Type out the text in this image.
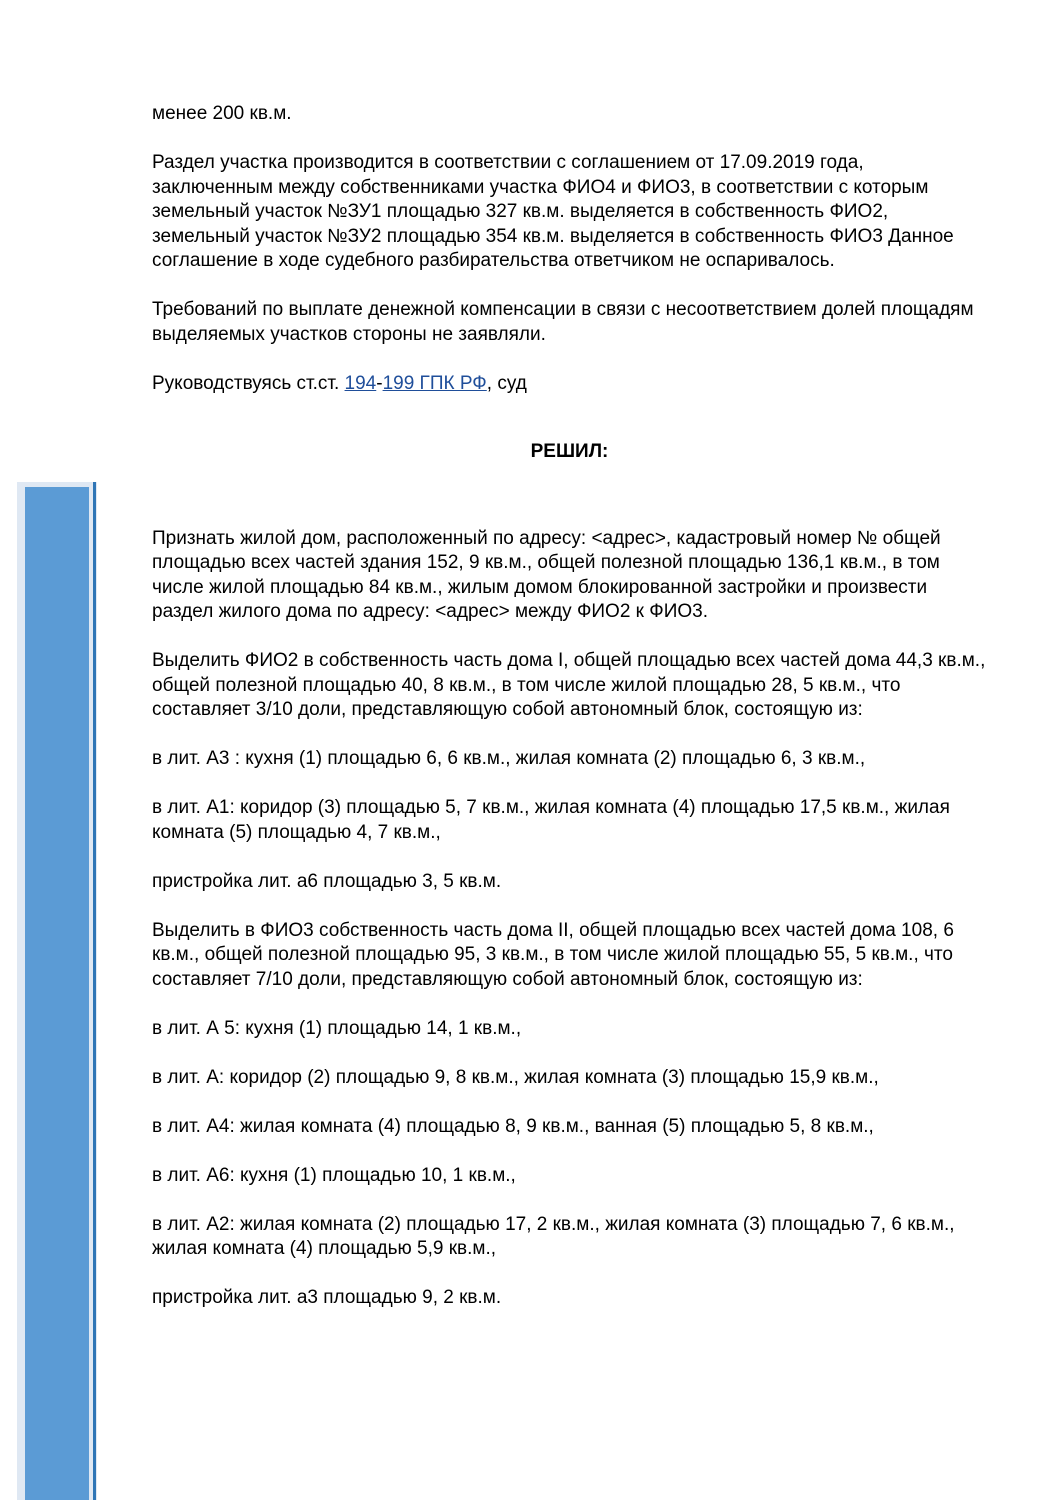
менее 200 кв.м.

Раздел участка производится в соответствии с соглашением от 17.09.2019 года, заключенным между собственниками участка ФИО4 и ФИО3, в соответствии с которым земельный участок №ЗУ1 площадью 327 кв.м. выделяется в собственность ФИО2, земельный участок №ЗУ2 площадью 354 кв.м. выделяется в собственность ФИО3 Данное соглашение в ходе судебного разбирательства ответчиком не оспаривалось.

Требований по выплате денежной компенсации в связи с несоответствием долей площадям выделяемых участков стороны не заявляли.

Руководствуясь ст.ст. 194-199 ГПК РФ, суд

РЕШИЛ:

Признать жилой дом, расположенный по адресу: <адрес>, кадастровый номер № общей площадью всех частей здания 152, 9 кв.м., общей полезной площадью 136,1 кв.м., в том числе жилой площадью 84 кв.м., жилым домом блокированной застройки и произвести раздел жилого дома по адресу: <адрес> между ФИО2 к ФИО3.

Выделить ФИО2 в собственность часть дома I, общей площадью всех частей дома 44,3 кв.м., общей полезной площадью 40, 8 кв.м., в том числе жилой площадью 28, 5 кв.м., что составляет 3/10 доли, представляющую собой автономный блок, состоящую из:

в лит. А3 : кухня (1) площадью 6, 6 кв.м., жилая комната (2) площадью 6, 3 кв.м.,

в лит. А1: коридор (3) площадью 5, 7 кв.м., жилая комната (4) площадью 17,5 кв.м., жилая комната (5) площадью 4, 7 кв.м.,

пристройка лит. а6 площадью 3, 5 кв.м.

Выделить в ФИО3 собственность часть дома II, общей площадью всех частей дома 108, 6 кв.м., общей полезной площадью 95, 3 кв.м., в том числе жилой площадью 55, 5 кв.м., что составляет 7/10 доли, представляющую собой автономный блок, состоящую из:

в лит. А 5: кухня (1) площадью 14, 1 кв.м.,

в лит. А: коридор (2) площадью 9, 8 кв.м., жилая комната (3) площадью 15,9 кв.м.,

в лит. А4: жилая комната (4) площадью 8, 9 кв.м., ванная (5) площадью 5, 8 кв.м.,

в лит. А6: кухня (1) площадью 10, 1 кв.м.,

в лит. А2: жилая комната (2) площадью 17, 2 кв.м., жилая комната (3) площадью 7, 6 кв.м., жилая комната (4) площадью 5,9 кв.м.,

пристройка лит. а3 площадью 9, 2 кв.м.
